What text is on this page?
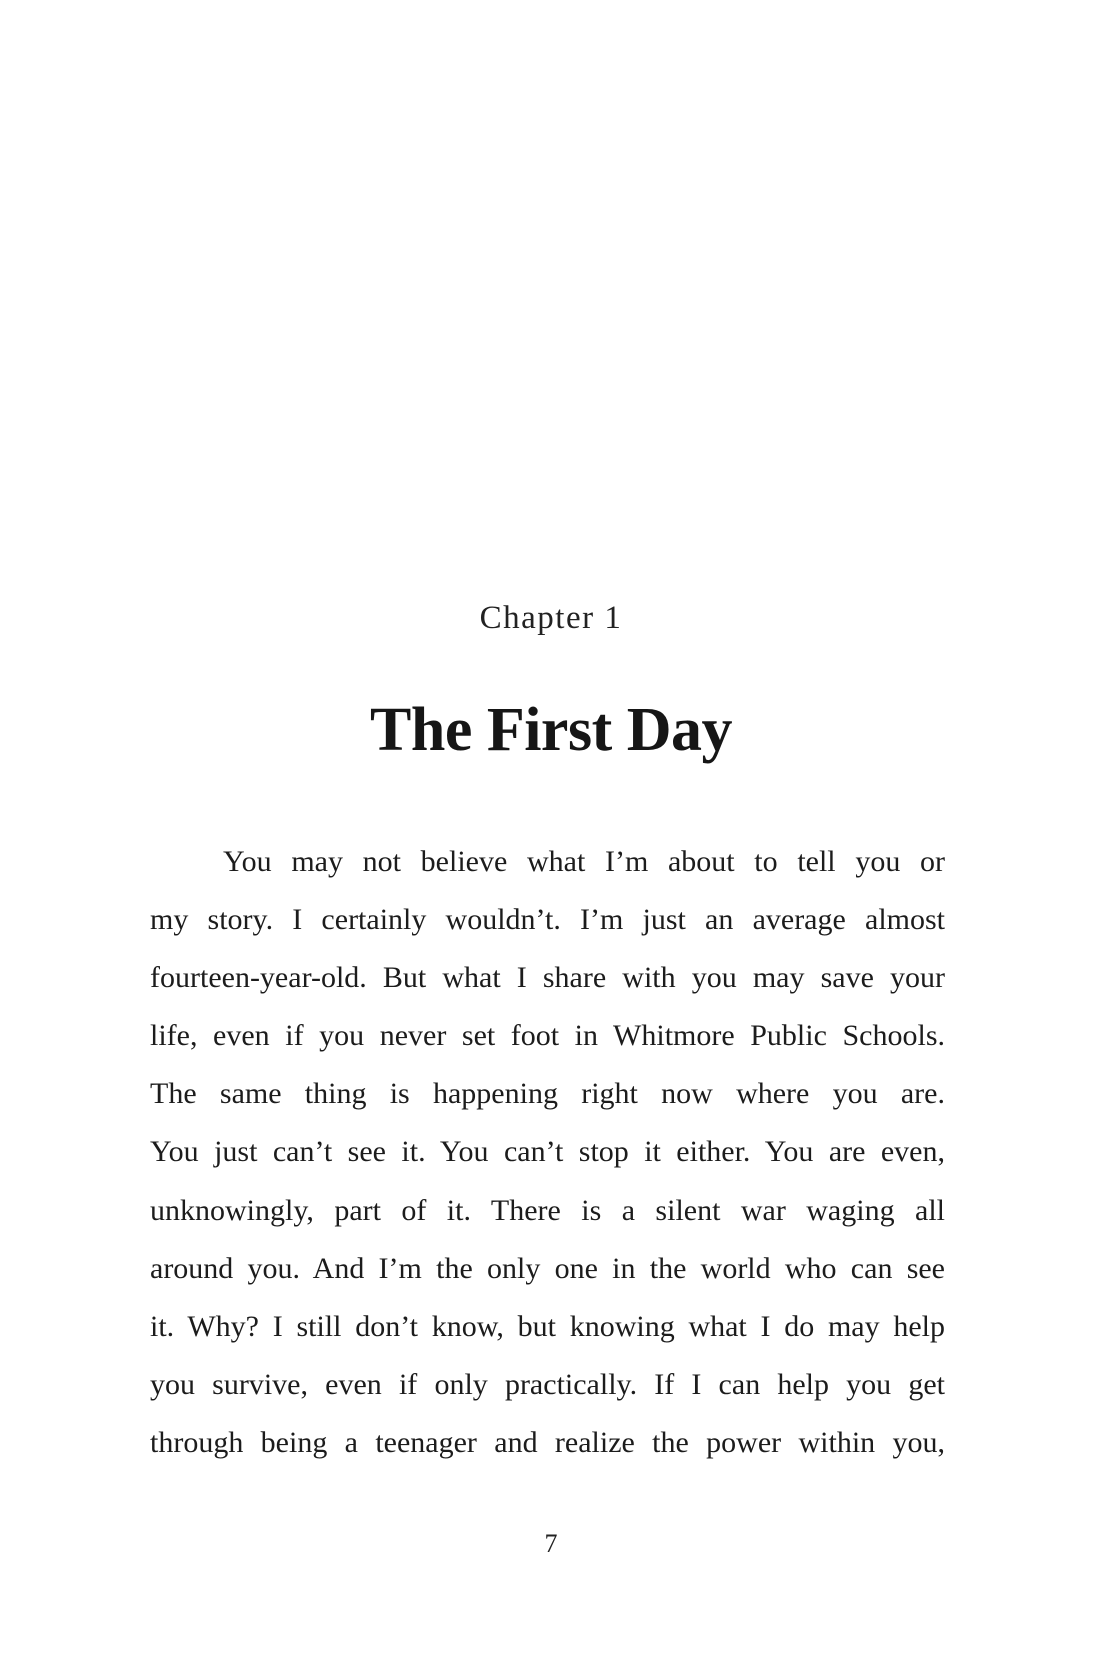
Chapter 1
The First Day
You may not believe what I’m about to tell you or
my story. I certainly wouldn’t. I’m just an average almost
fourteen-year-old. But what I share with you may save your
life, even if you never set foot in Whitmore Public Schools.
The same thing is happening right now where you are.
You just can’t see it. You can’t stop it either. You are even,
unknowingly, part of it. There is a silent war waging all
around you. And I’m the only one in the world who can see
it. Why? I still don’t know, but knowing what I do may help
you survive, even if only practically. If I can help you get
through being a teenager and realize the power within you,
7
